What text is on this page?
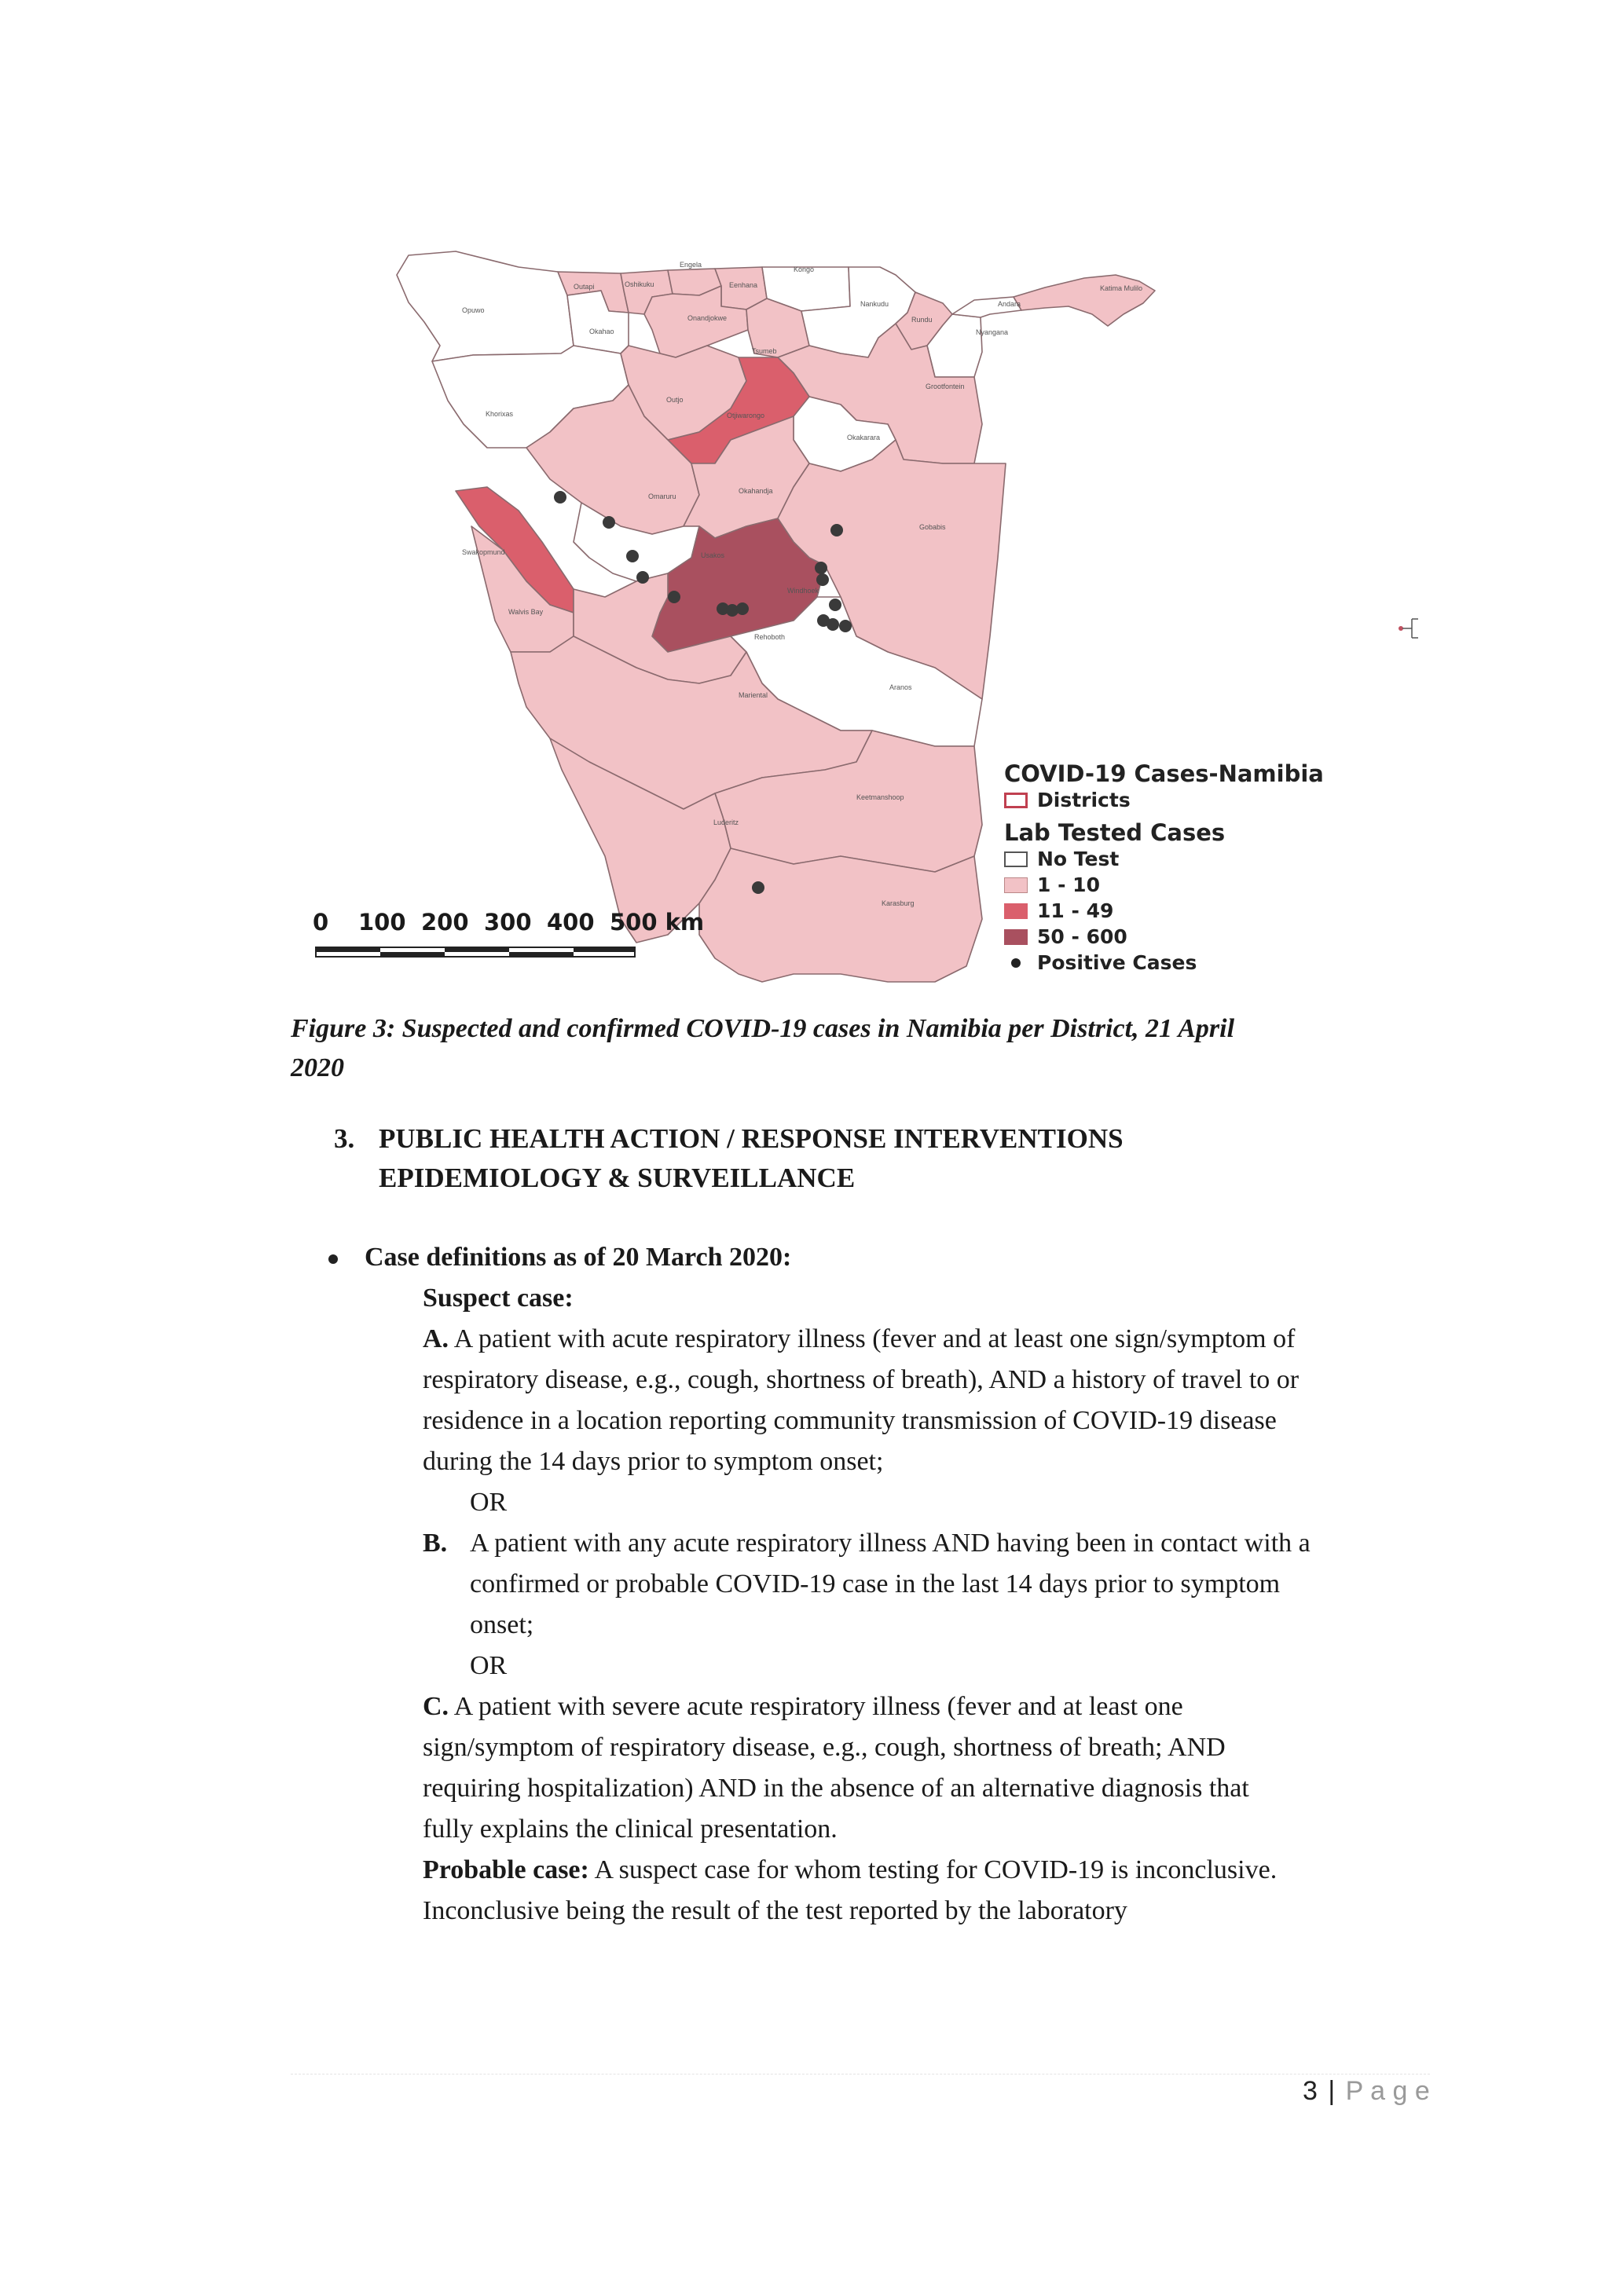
Opuwo
Outapi	Oshikuku
Engela
Eenhana
Kongo
Okahao
Onandjokwe
Tsumeb
Nankudu
Rundu
Nyangana
Andara
Katima Mulilo
Grootfontein
Khorixas
Outjo
Otjiwarongo
Okakarara
Omaruru
Okahandja
Gobabis
Swakopmund	Usakos
Windhoek
Walvis Bay
Rehoboth
Aranos
Mariental
Keetmanshoop
Luderitz
Karasburg
COVID-19 Cases-Namibia
Districts
Lab Tested Cases
No Test
1 - 10
11 - 49
50 - 600
Positive Cases
0 100 200 300 400 500 km
Figure 3: Suspected and confirmed COVID-19 cases in Namibia per District, 21 April
2020
3. PUBLIC HEALTH ACTION / RESPONSE INTERVENTIONS
EPIDEMIOLOGY & SURVEILLANCE
Case definitions as of 20 March 2020:
Suspect case:
A. A patient with acute respiratory illness (fever and at least one sign/symptom of
respiratory disease, e.g., cough, shortness of breath), AND a history of travel to or
residence in a location reporting community transmission of COVID-19 disease
during the 14 days prior to symptom onset;
OR
B. A patient with any acute respiratory illness AND having been in contact with a
confirmed or probable COVID-19 case in the last 14 days prior to symptom
onset;
OR
C. A patient with severe acute respiratory illness (fever and at least one
sign/symptom of respiratory disease, e.g., cough, shortness of breath; AND
requiring hospitalization) AND in the absence of an alternative diagnosis that
fully explains the clinical presentation.
Probable case: A suspect case for whom testing for COVID-19 is inconclusive.
Inconclusive being the result of the test reported by the laboratory
3 | P a g e
